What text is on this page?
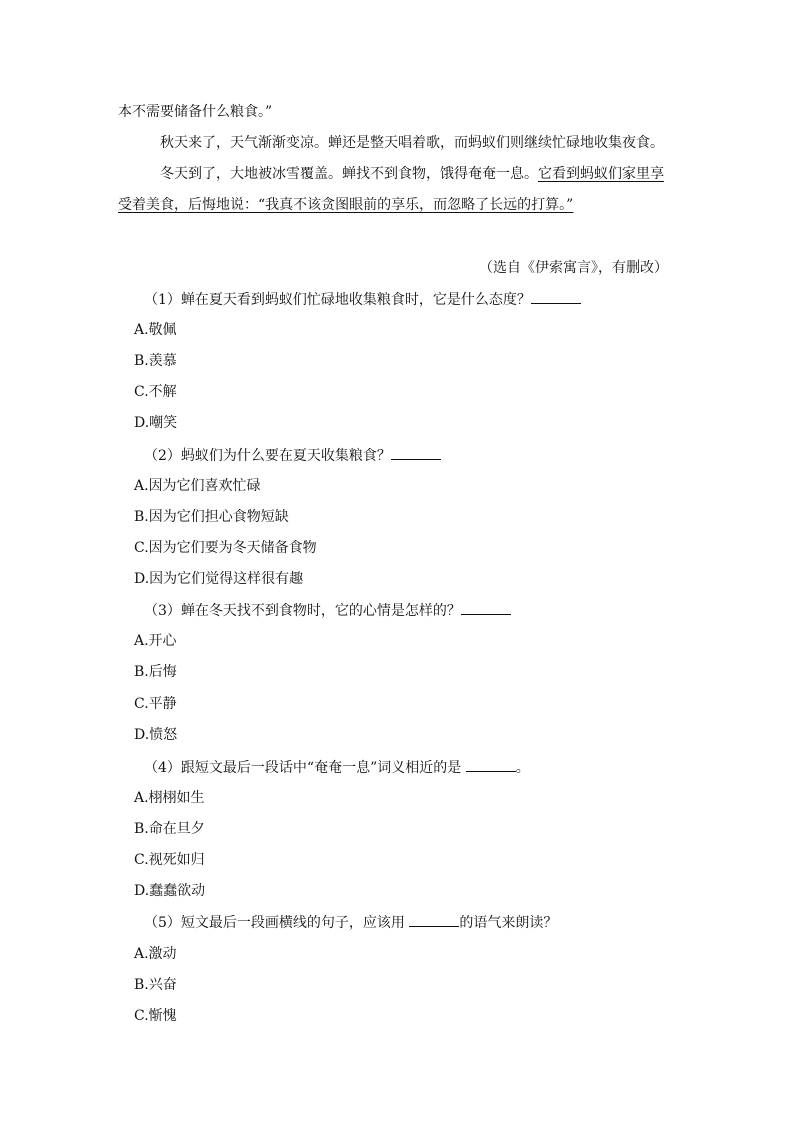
本不需要储备什么粮食。”
秋天来了，天气渐渐变凉。蝉还是整天唱着歌，而蚂蚁们则继续忙碌地收集夜食。
冬天到了，大地被冰雪覆盖。蝉找不到食物，饿得奄奄一息。它看到蚂蚁们家里享
受着美食，后悔地说：“我真不该贪图眼前的享乐，而忽略了长远的打算。”
（选自《伊索寓言》，有删改）
（1）蝉在夏天看到蚂蚁们忙碌地收集粮食时，它是什么态度？
A.敬佩
B.羡慕
C.不解
D.嘲笑
（2）蚂蚁们为什么要在夏天收集粮食？
A.因为它们喜欢忙碌
B.因为它们担心食物短缺
C.因为它们要为冬天储备食物
D.因为它们觉得这样很有趣
（3）蝉在冬天找不到食物时，它的心情是怎样的？
A.开心
B.后悔
C.平静
D.愤怒
（4）跟短文最后一段话中“奄奄一息”词义相近的是	。
A.栩栩如生
B.命在旦夕
C.视死如归
D.蠢蠢欲动
（5）短文最后一段画横线的句子，应该用	的语气来朗读？
A.激动
B.兴奋
C.惭愧
